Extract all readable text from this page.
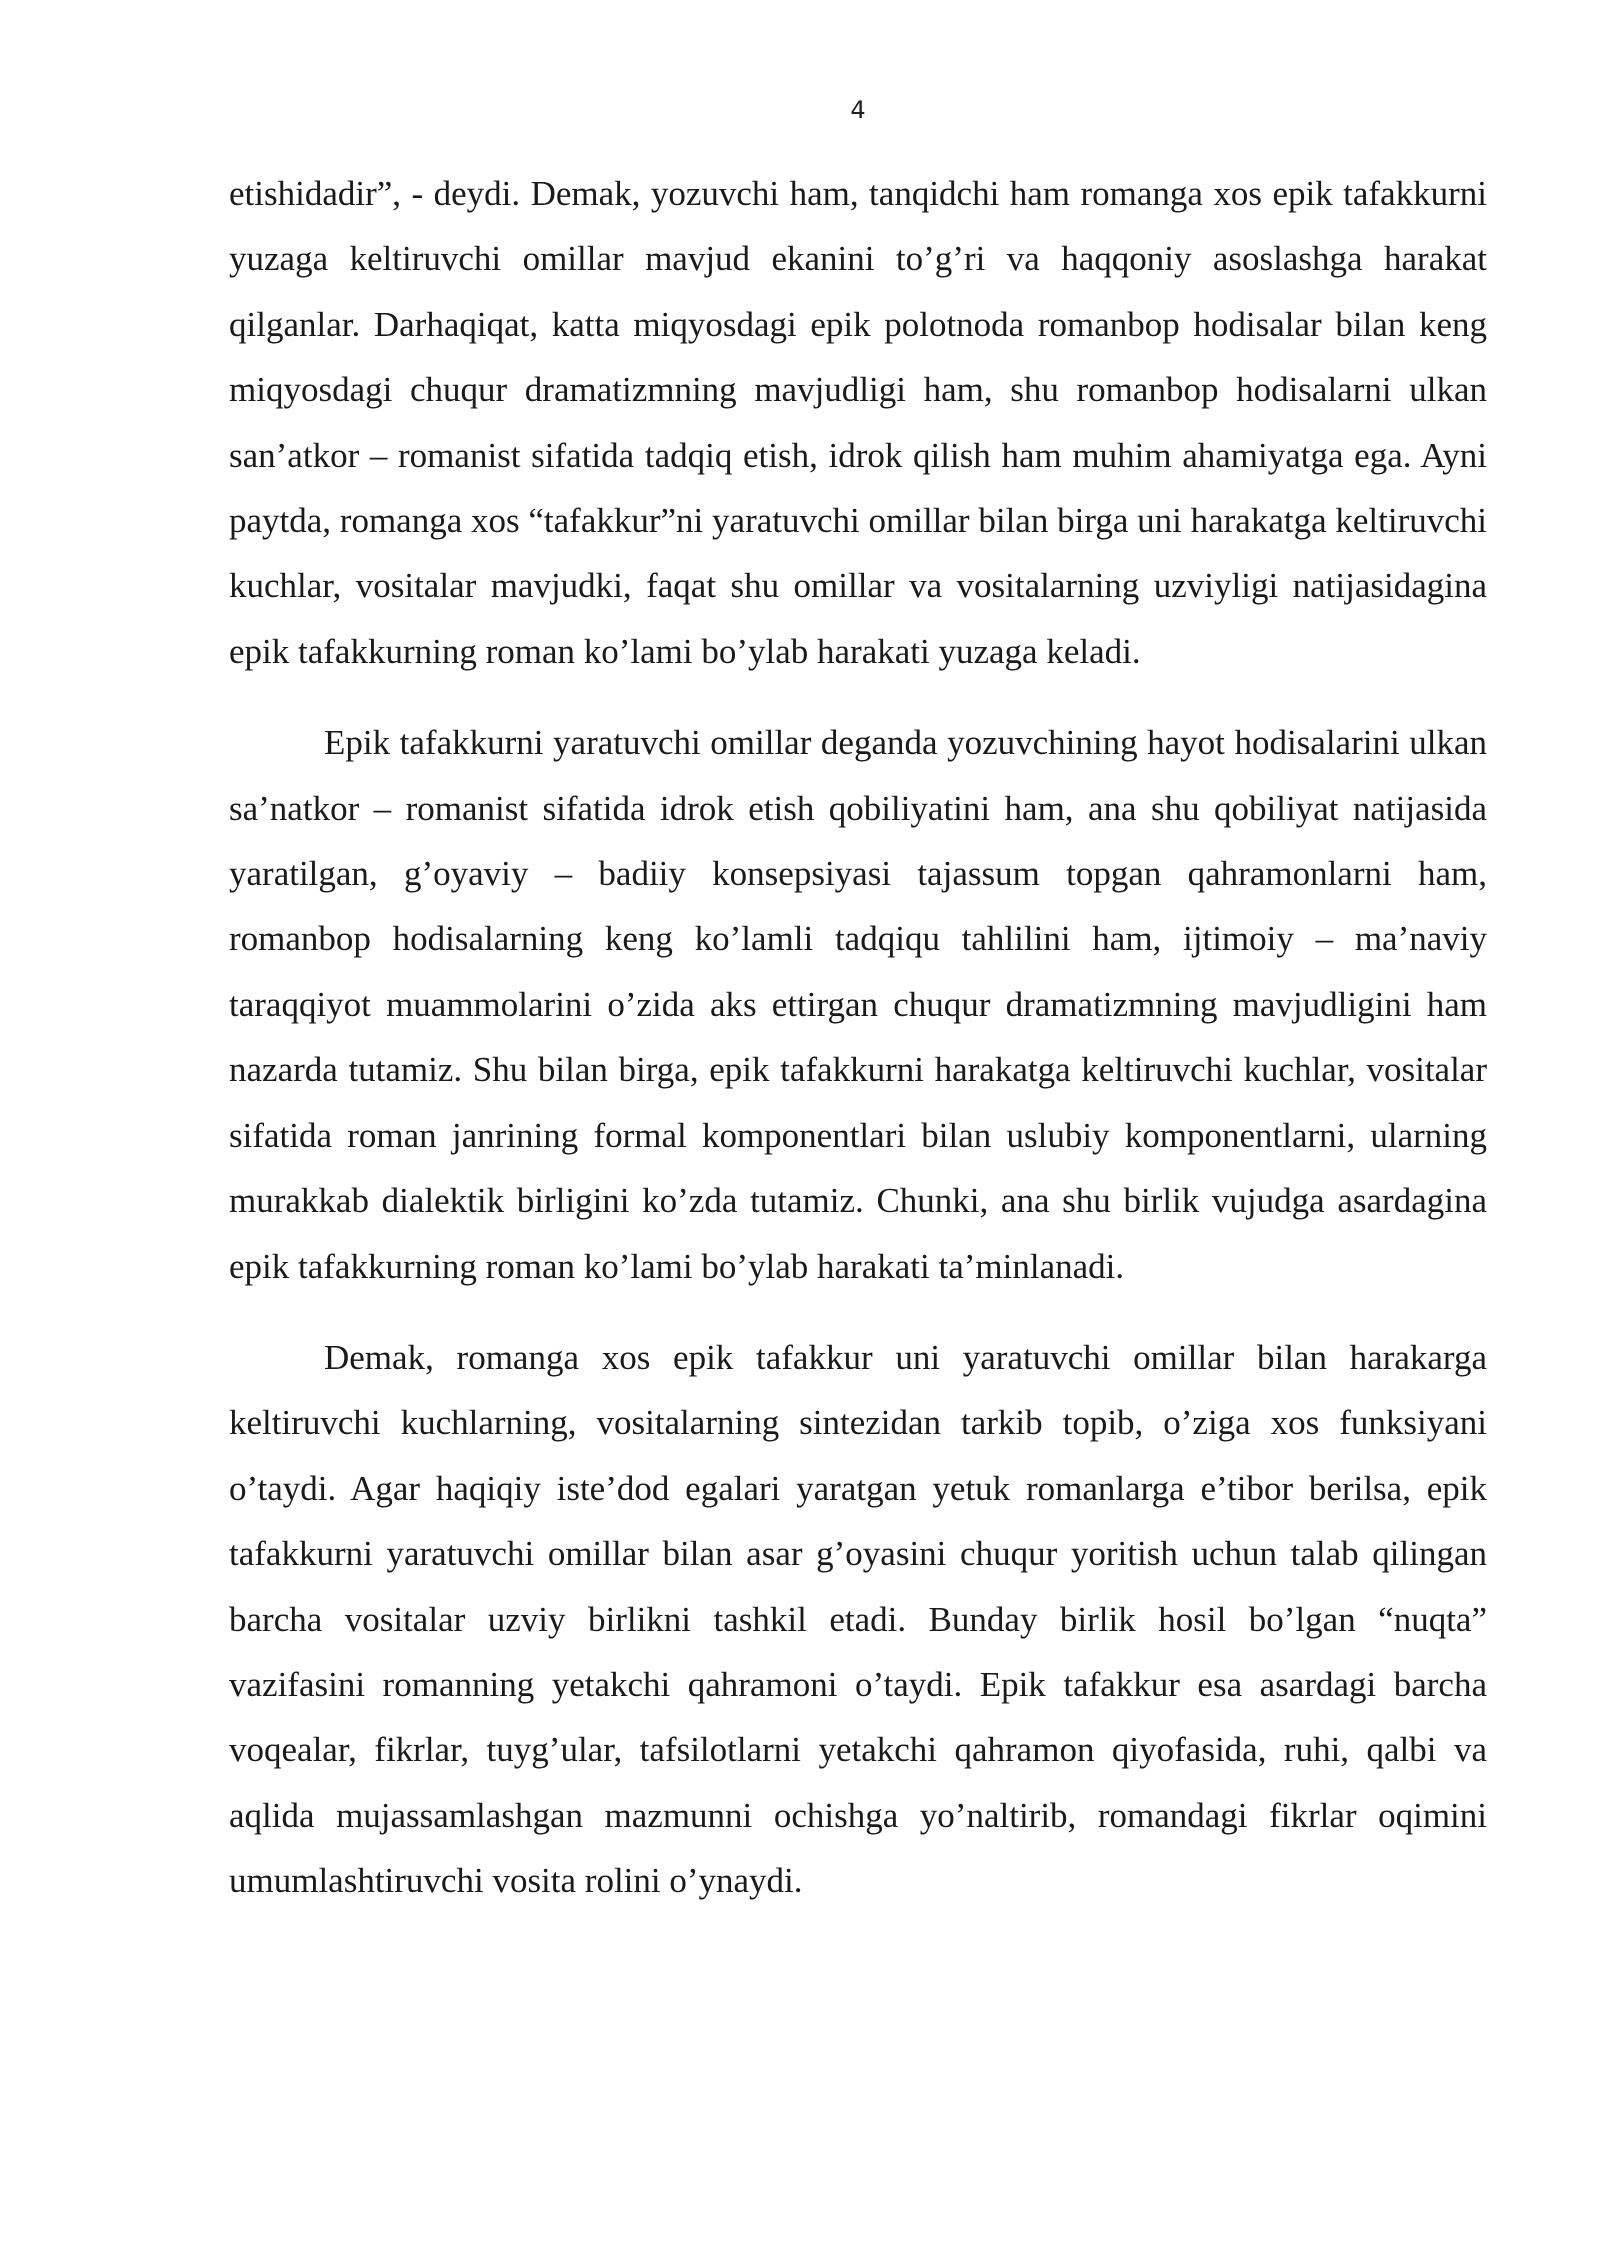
4

etishidadir”, - deydi. Demak, yozuvchi ham, tanqidchi ham romanga xos epik tafakkurni yuzaga keltiruvchi omillar mavjud ekanini to’g’ri va haqqoniy asoslashga harakat qilganlar. Darhaqiqat, katta miqyosdagi epik polotnoda romanbop hodisalar bilan keng miqyosdagi chuqur dramatizmning mavjudligi ham, shu romanbop hodisalarni ulkan san’atkor – romanist sifatida tadqiq etish, idrok qilish ham muhim ahamiyatga ega. Ayni paytda, romanga xos “tafakkur”ni yaratuvchi omillar bilan birga uni harakatga keltiruvchi kuchlar, vositalar mavjudki, faqat shu omillar va vositalarning uzviyligi natijasidagina epik tafakkurning roman ko’lami bo’ylab harakati yuzaga keladi.

Epik tafakkurni yaratuvchi omillar deganda yozuvchining hayot hodisalarini ulkan sa’natkor – romanist sifatida idrok etish qobiliyatini ham, ana shu qobiliyat natijasida yaratilgan, g’oyaviy – badiiy konsepsiyasi tajassum topgan qahramonlarni ham, romanbop hodisalarning keng ko’lamli tadqiqu tahlilini ham, ijtimoiy – ma’naviy taraqqiyot muammolarini o’zida aks ettirgan chuqur dramatizmning mavjudligini ham nazarda tutamiz. Shu bilan birga, epik tafakkurni harakatga keltiruvchi kuchlar, vositalar sifatida roman janrining formal komponentlari bilan uslubiy komponentlarni, ularning murakkab dialektik birligini ko’zda tutamiz. Chunki, ana shu birlik vujudga asardagina epik tafakkurning roman ko’lami bo’ylab harakati ta’minlanadi.

Demak, romanga xos epik tafakkur uni yaratuvchi omillar bilan harakarga keltiruvchi kuchlarning, vositalarning sintezidan tarkib topib, o’ziga xos funksiyani o’taydi. Agar haqiqiy iste’dod egalari yaratgan yetuk romanlarga e’tibor berilsa, epik tafakkurni yaratuvchi omillar bilan asar g’oyasini chuqur yoritish uchun talab qilingan barcha vositalar uzviy birlikni tashkil etadi. Bunday birlik hosil bo’lgan “nuqta” vazifasini romanning yetakchi qahramoni o’taydi. Epik tafakkur esa asardagi barcha voqealar, fikrlar, tuyg’ular, tafsilotlarni yetakchi qahramon qiyofasida, ruhi, qalbi va aqlida mujassamlashgan mazmunni ochishga yo’naltirib, romandagi fikrlar oqimini umumlashtiruvchi vosita rolini o’ynaydi.
